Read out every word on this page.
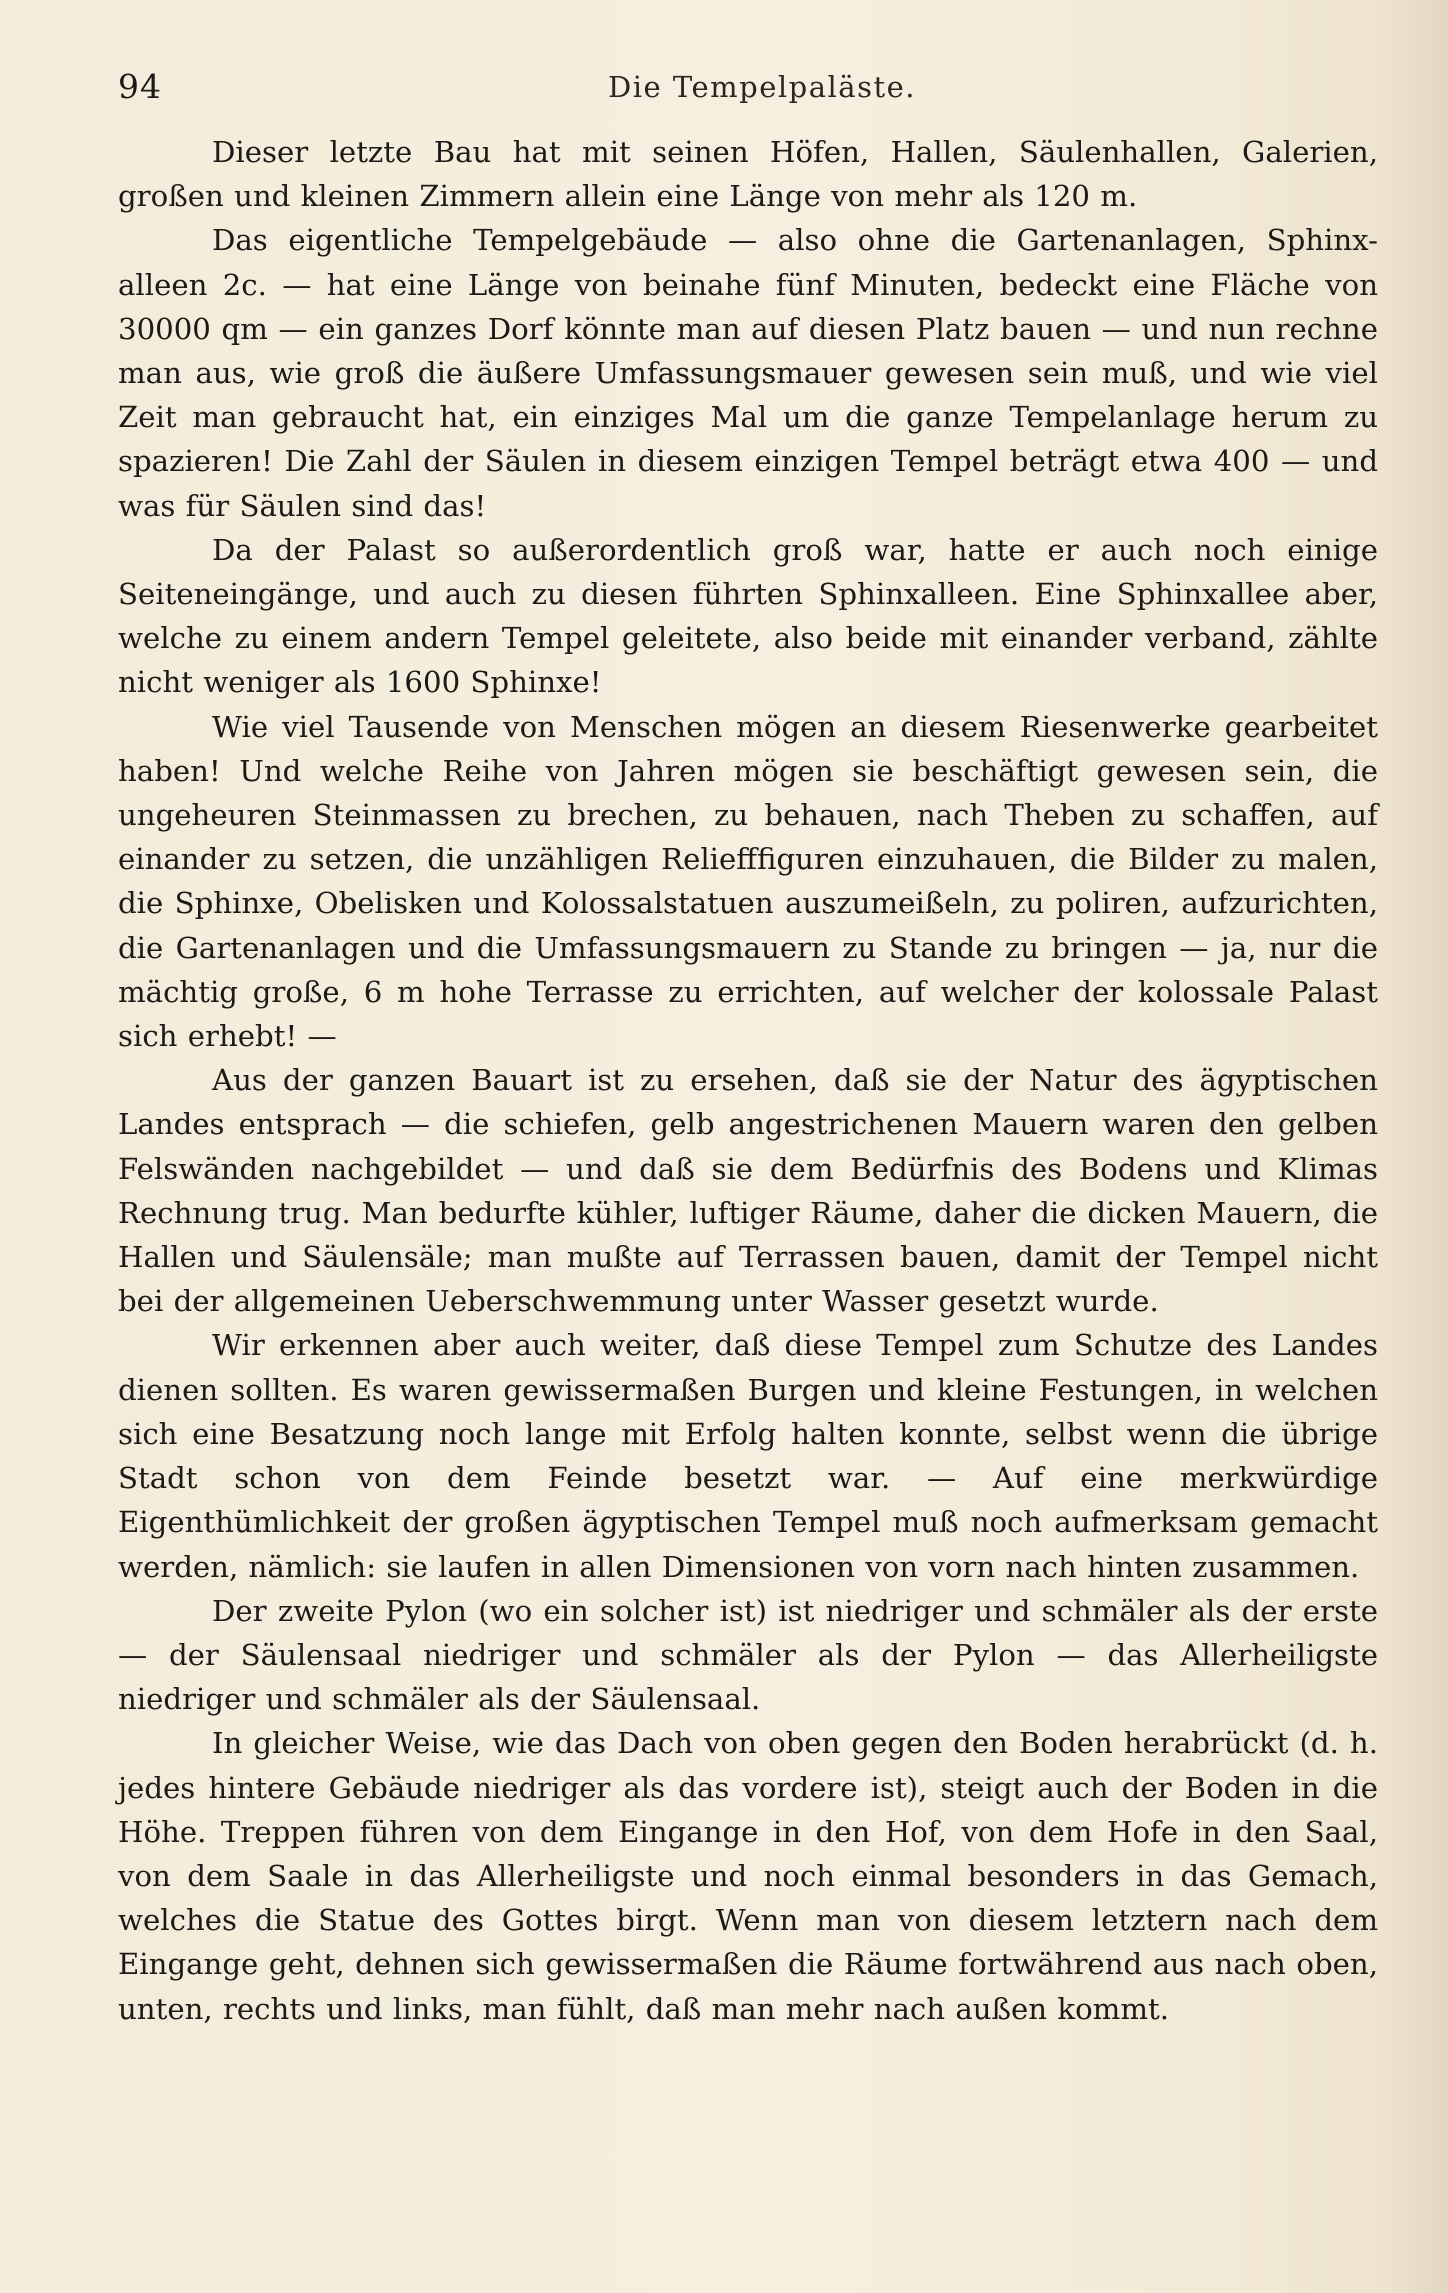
94	Die Tempelpaläste.

Dieser letzte Bau hat mit seinen Höfen, Hallen, Säulenhallen, Galerien, großen und kleinen Zimmern allein eine Länge von mehr als 120 m.

Das eigentliche Tempelgebäude — also ohne die Gartenanlagen, Sphinx-alleen 2c. — hat eine Länge von beinahe fünf Minuten, bedeckt eine Fläche von 30000 qm — ein ganzes Dorf könnte man auf diesen Platz bauen — und nun rechne man aus, wie groß die äußere Umfassungsmauer gewesen sein muß, und wie viel Zeit man gebraucht hat, ein einziges Mal um die ganze Tempelanlage herum zu spazieren! Die Zahl der Säulen in diesem einzigen Tempel beträgt etwa 400 — und was für Säulen sind das!

Da der Palast so außerordentlich groß war, hatte er auch noch einige Seiteneingänge, und auch zu diesen führten Sphinxalleen. Eine Sphinxallee aber, welche zu einem andern Tempel geleitete, also beide mit einander verband, zählte nicht weniger als 1600 Sphinxe!

Wie viel Tausende von Menschen mögen an diesem Riesenwerke gearbeitet haben! Und welche Reihe von Jahren mögen sie beschäftigt gewesen sein, die ungeheuren Steinmassen zu brechen, zu behauen, nach Theben zu schaffen, auf einander zu setzen, die unzähligen Reliefffiguren einzuhauen, die Bilder zu malen, die Sphinxe, Obelisken und Kolossalstatuen auszumeißeln, zu poliren, aufzurichten, die Gartenanlagen und die Umfassungsmauern zu Stande zu bringen — ja, nur die mächtig große, 6 m hohe Terrasse zu errichten, auf welcher der kolossale Palast sich erhebt! —

Aus der ganzen Bauart ist zu ersehen, daß sie der Natur des ägyptischen Landes entsprach — die schiefen, gelb angestrichenen Mauern waren den gelben Felswänden nachgebildet — und daß sie dem Bedürfnis des Bodens und Klimas Rechnung trug. Man bedurfte kühler, luftiger Räume, daher die dicken Mauern, die Hallen und Säulensäle; man mußte auf Terrassen bauen, damit der Tempel nicht bei der allgemeinen Ueberschwemmung unter Wasser gesetzt wurde.

Wir erkennen aber auch weiter, daß diese Tempel zum Schutze des Landes dienen sollten. Es waren gewissermaßen Burgen und kleine Festungen, in welchen sich eine Besatzung noch lange mit Erfolg halten konnte, selbst wenn die übrige Stadt schon von dem Feinde besetzt war. — Auf eine merkwürdige Eigenthümlichkeit der großen ägyptischen Tempel muß noch aufmerksam gemacht werden, nämlich: sie laufen in allen Dimensionen von vorn nach hinten zusammen.

Der zweite Pylon (wo ein solcher ist) ist niedriger und schmäler als der erste — der Säulensaal niedriger und schmäler als der Pylon — das Allerheiligste niedriger und schmäler als der Säulensaal.

In gleicher Weise, wie das Dach von oben gegen den Boden herabrückt (d. h. jedes hintere Gebäude niedriger als das vordere ist), steigt auch der Boden in die Höhe. Treppen führen von dem Eingange in den Hof, von dem Hofe in den Saal, von dem Saale in das Allerheiligste und noch einmal besonders in das Gemach, welches die Statue des Gottes birgt. Wenn man von diesem letztern nach dem Eingange geht, dehnen sich gewissermaßen die Räume fortwährend aus nach oben, unten, rechts und links, man fühlt, daß man mehr nach außen kommt.
